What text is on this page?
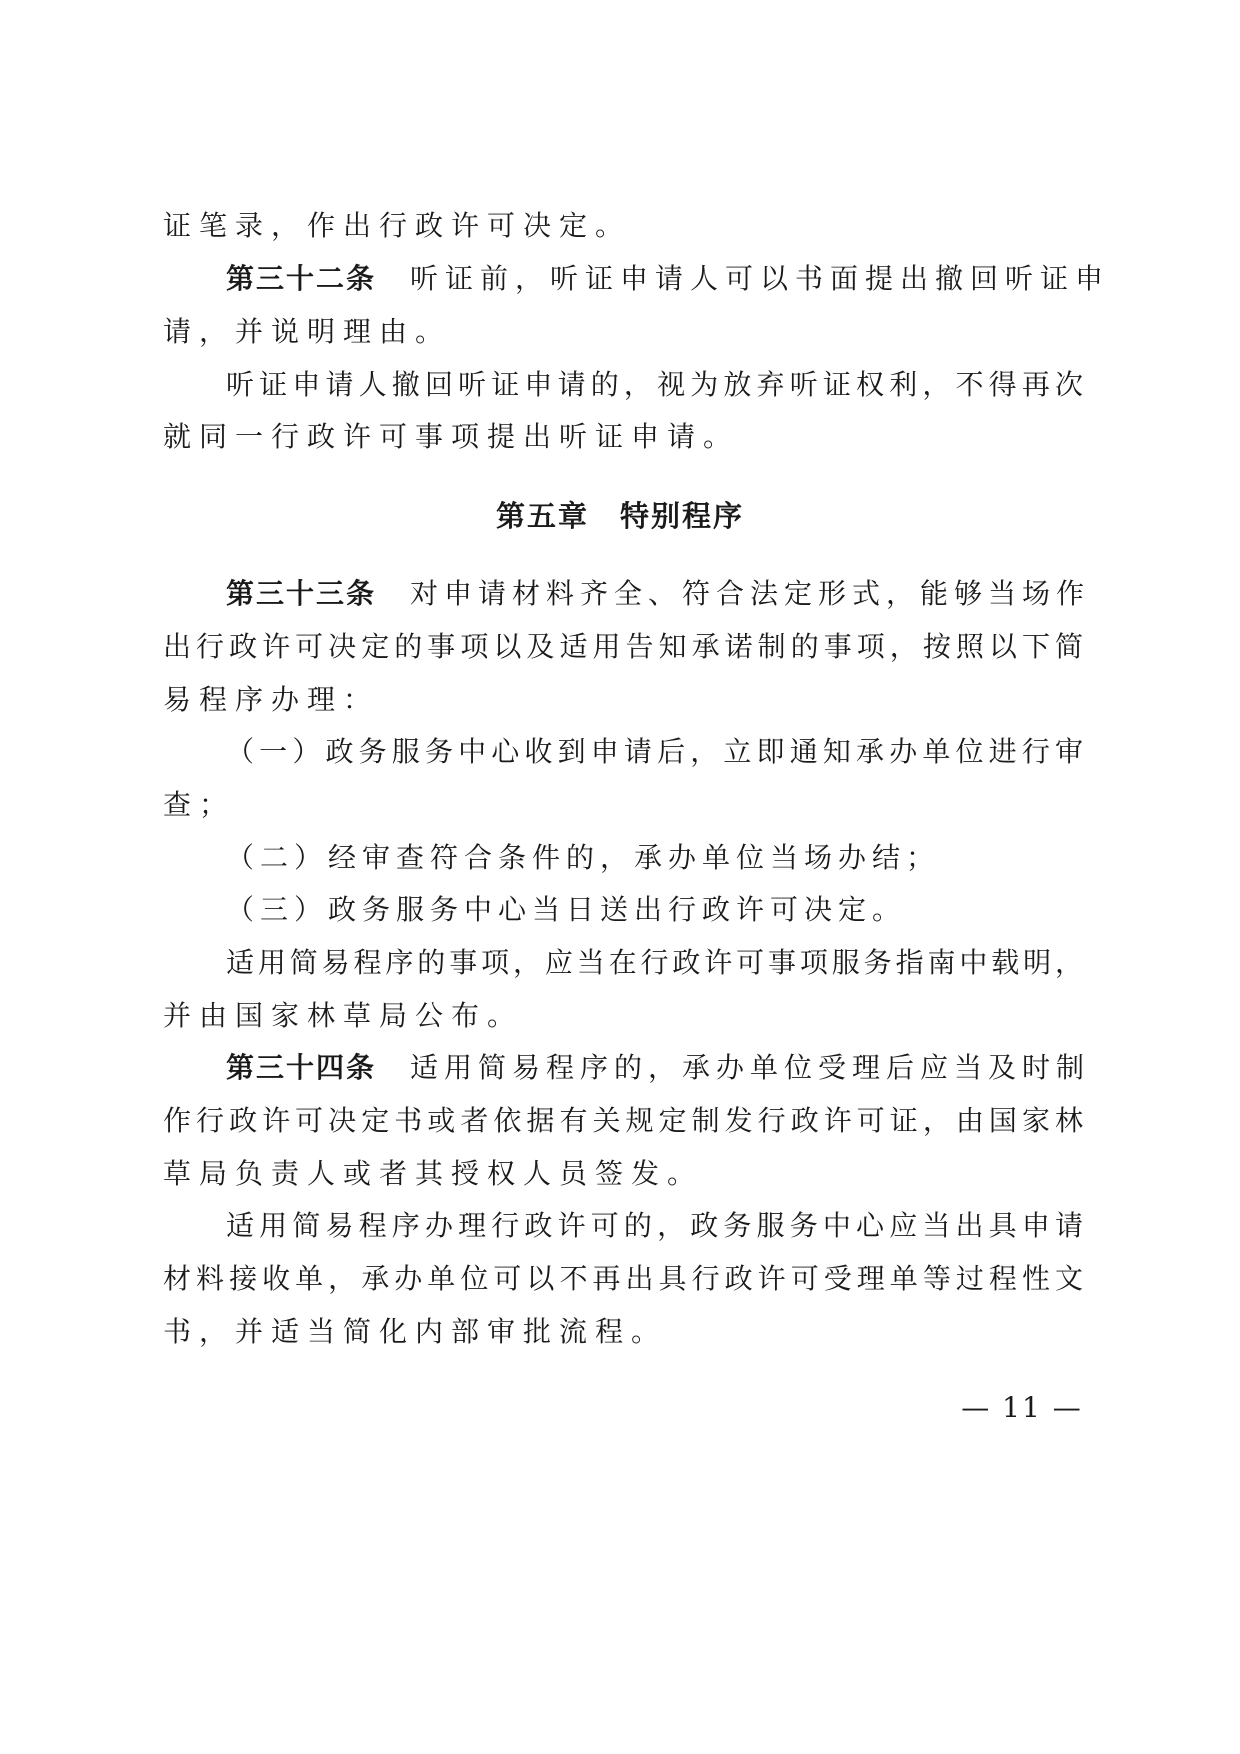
证笔录，作出行政许可决定。
第三十二条 听证前，听证申请人可以书面提出撤回听证申
请，并说明理由。
听证申请人撤回听证申请的，视为放弃听证权利，不得再次
就同一行政许可事项提出听证申请。
第五章　特别程序
第三十三条 对申请材料齐全、符合法定形式，能够当场作
出行政许可决定的事项以及适用告知承诺制的事项，按照以下简
易程序办理：
（一）政务服务中心收到申请后，立即通知承办单位进行审
查；
（二）经审查符合条件的，承办单位当场办结；
（三）政务服务中心当日送出行政许可决定。
适用简易程序的事项，应当在行政许可事项服务指南中载明，
并由国家林草局公布。
第三十四条 适用简易程序的，承办单位受理后应当及时制
作行政许可决定书或者依据有关规定制发行政许可证，由国家林
草局负责人或者其授权人员签发。
适用简易程序办理行政许可的，政务服务中心应当出具申请
材料接收单，承办单位可以不再出具行政许可受理单等过程性文
书，并适当简化内部审批流程。
— 11 —
